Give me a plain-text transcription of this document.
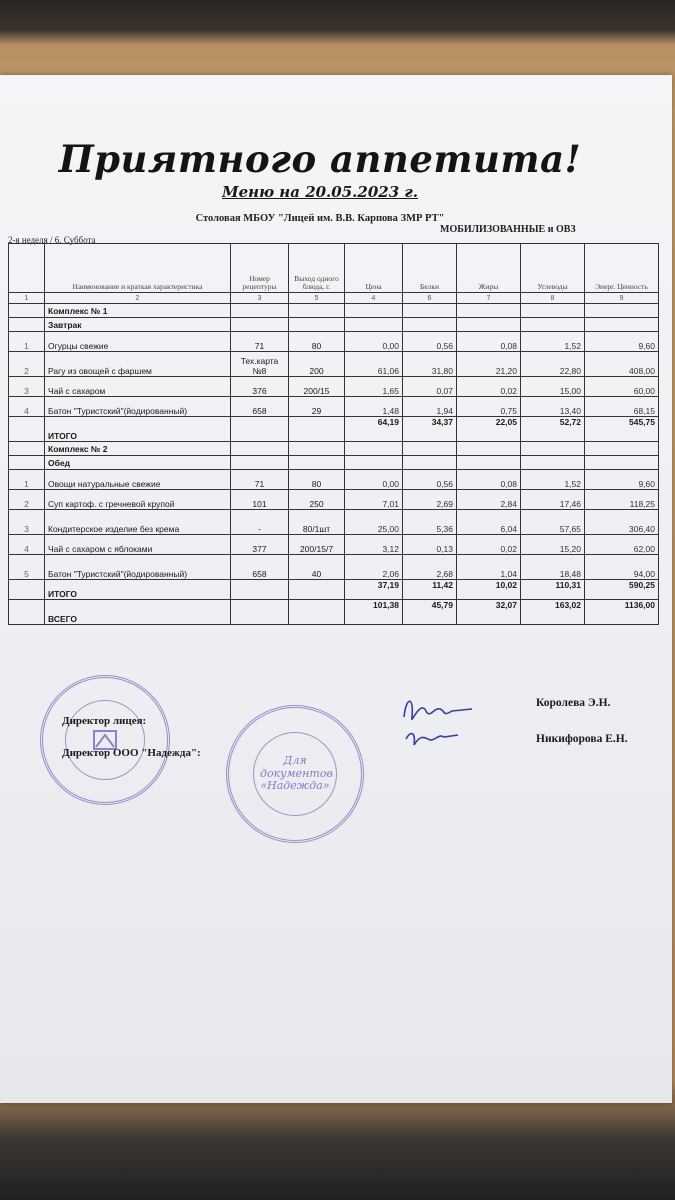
Приятного аппетита!
Меню на 20.05.2023 г.
Столовая МБОУ "Лицей им. В.В. Карпова ЗМР РТ"
МОБИЛИЗОВАННЫЕ и ОВЗ
2-я неделя / 6. Суббота
	Наименование и краткая характеристика	Номер рецептуры	Выход одного блюда, г.	Цена	Белки	Жиры	Углеводы	Энерг. Ценность
1	2	3	5	4	6	7	8	9
	Комплекс № 1							
	Завтрак							
1	Огурцы свежие	71	80	0,00	0,56	0,08	1,52	9,60
2	Рагу из овощей с фаршем	Тех.карта №8	200	61,06	31,80	21,20	22,80	408,00
3	Чай с сахаром	376	200/15	1,65	0,07	0,02	15,00	60,00
4	Батон "Туристский"(йодированный)	658	29	1,48	1,94	0,75	13,40	68,15
	ИТОГО			64,19	34,37	22,05	52,72	545,75
	Комплекс № 2							
	Обед							
1	Овощи натуральные свежие	71	80	0,00	0,56	0,08	1,52	9,60
2	Суп картоф. с гречневой крупой	101	250	7,01	2,69	2,84	17,46	118,25
3	Кондитерское изделие без крема	-	80/1шт	25,00	5,36	6,04	57,65	306,40
4	Чай с сахаром с яблоками	377	200/15/7	3,12	0,13	0,02	15,20	62,00
5	Батон "Туристский"(йодированный)	658	40	2,06	2,68	1,04	18,48	94,00
	ИТОГО			37,19	11,42	10,02	110,31	590,25
	ВСЕГО			101,38	45,79	32,07	163,02	1136,00
Директор лицея:
Директор ООО "Надежда":
Для документов «Надежда»
Королева Э.Н.
Никифорова Е.Н.
